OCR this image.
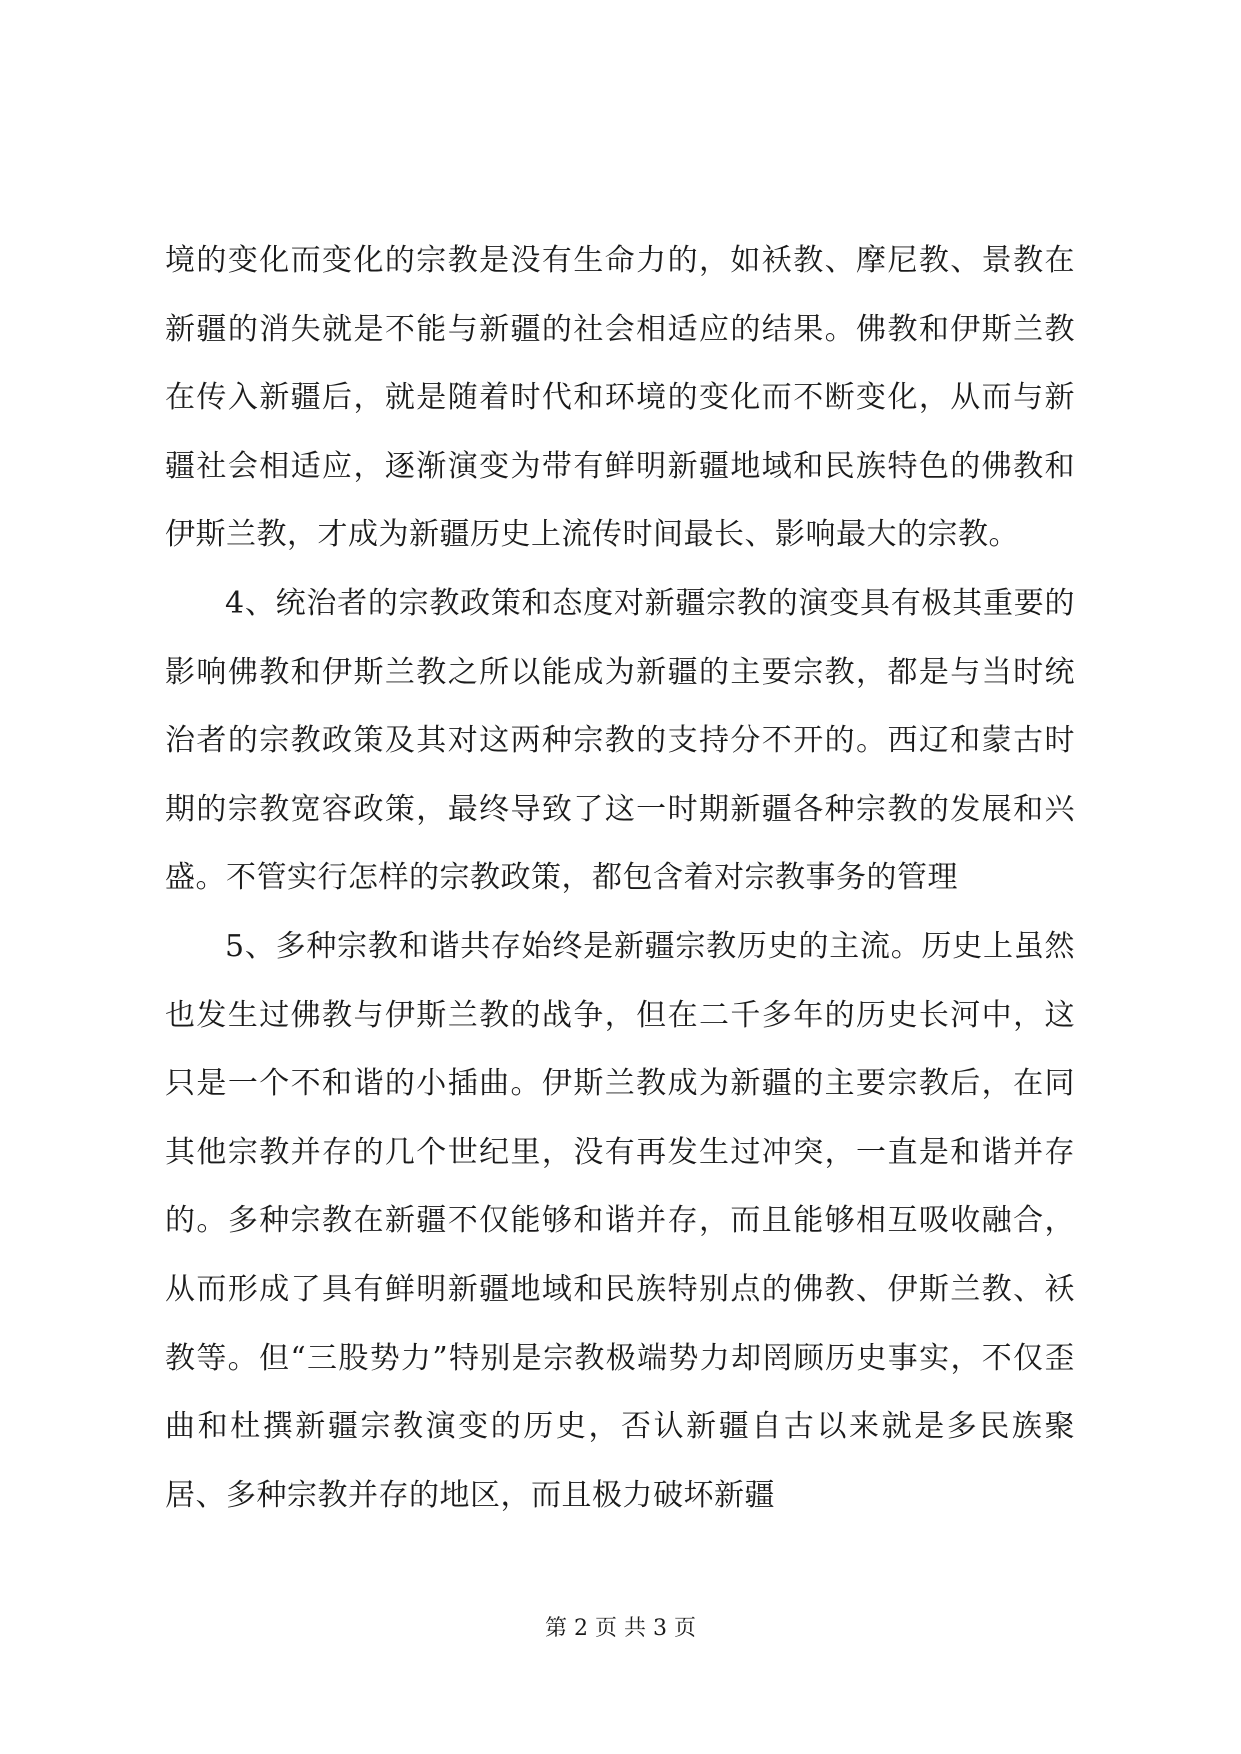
境的变化而变化的宗教是没有生命力的，如袄教、摩尼教、景教在新疆的消失就是不能与新疆的社会相适应的结果。佛教和伊斯兰教在传入新疆后，就是随着时代和环境的变化而不断变化，从而与新疆社会相适应，逐渐演变为带有鲜明新疆地域和民族特色的佛教和伊斯兰教，才成为新疆历史上流传时间最长、影响最大的宗教。

4、统治者的宗教政策和态度对新疆宗教的演变具有极其重要的影响佛教和伊斯兰教之所以能成为新疆的主要宗教，都是与当时统治者的宗教政策及其对这两种宗教的支持分不开的。西辽和蒙古时期的宗教宽容政策，最终导致了这一时期新疆各种宗教的发展和兴盛。不管实行怎样的宗教政策，都包含着对宗教事务的管理

5、多种宗教和谐共存始终是新疆宗教历史的主流。历史上虽然也发生过佛教与伊斯兰教的战争，但在二千多年的历史长河中，这只是一个不和谐的小插曲。伊斯兰教成为新疆的主要宗教后，在同其他宗教并存的几个世纪里，没有再发生过冲突，一直是和谐并存的。多种宗教在新疆不仅能够和谐并存，而且能够相互吸收融合，从而形成了具有鲜明新疆地域和民族特别点的佛教、伊斯兰教、袄教等。但“三股势力”特别是宗教极端势力却罔顾历史事实，不仅歪曲和杜撰新疆宗教演变的历史，否认新疆自古以来就是多民族聚居、多种宗教并存的地区，而且极力破坏新疆

第 2 页 共 3 页
